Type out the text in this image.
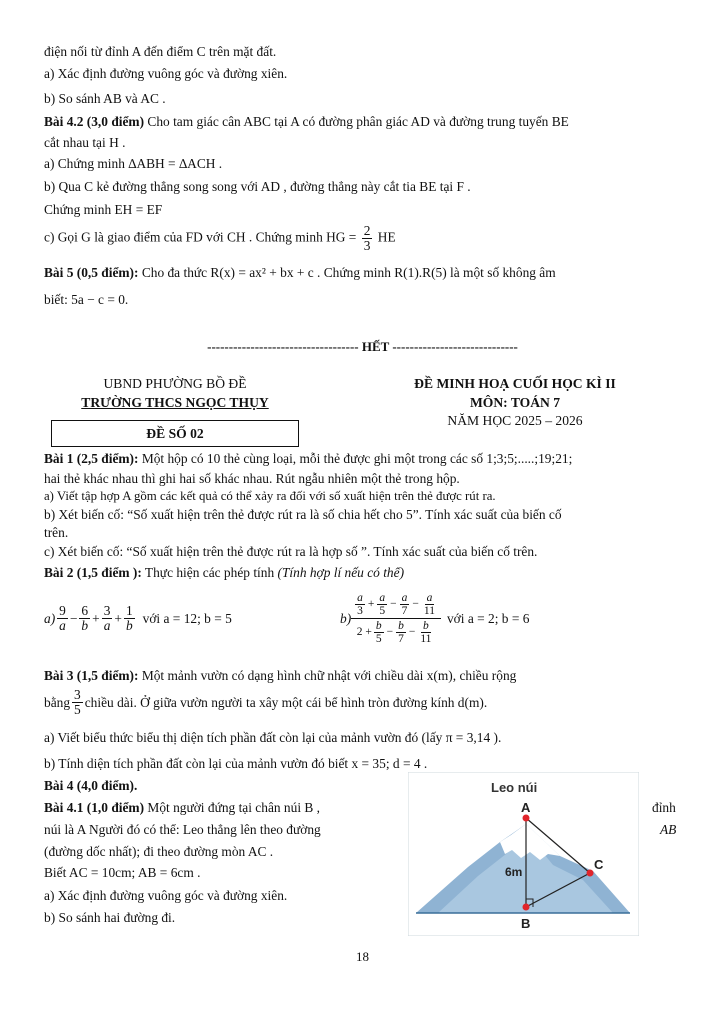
điện nối từ đỉnh A đến điểm C trên mặt đất.
a) Xác định đường vuông góc và đường xiên.
b) So sánh AB và AC .
Bài 4.2 (3,0 điểm) Cho tam giác cân ABC tại A có đường phân giác AD và đường trung tuyến BE
cắt nhau tại H .
a) Chứng minh ∆ABH = ∆ACH .
b) Qua C kẻ đường thẳng song song với AD , đường thẳng này cắt tia BE tại F .
Chứng minh EH = EF
c) Gọi G là giao điểm của FD với CH . Chứng minh HG = $\frac{2}{3}$ HE
Bài 5 (0,5 điểm): Cho đa thức R(x) = ax² + bx + c . Chứng minh R(1).R(5) là một số không âm
biết: 5a − c = 0.
----------------------------------- HẾT -----------------------------
UBND PHƯỜNG BỒ ĐỀ
TRƯỜNG THCS NGỌC THỤY
ĐỀ MINH HOẠ CUỐI HỌC KÌ II
MÔN: TOÁN 7
NĂM HỌC 2025 – 2026
ĐỀ SỐ 02
Bài 1 (2,5 điểm): Một hộp có 10 thẻ cùng loại, mỗi thẻ được ghi một trong các số 1;3;5;.....;19;21;
hai thẻ khác nhau thì ghi hai số khác nhau. Rút ngẫu nhiên một thẻ trong hộp.
a) Viết tập hợp A gồm các kết quả có thể xảy ra đối với số xuất hiện trên thẻ được rút ra.
b) Xét biến cố: “Số xuất hiện trên thẻ được rút ra là số chia hết cho 5”. Tính xác suất của biến cố
trên.
c) Xét biến cố: “Số xuất hiện trên thẻ được rút ra là hợp số ”. Tính xác suất của biến cố trên.
Bài 2 (1,5 điểm ): Thực hiện các phép tính (Tính hợp lí nếu có thể)
$a) \frac{9}{a} - \frac{6}{b} + \frac{3}{a} + \frac{1}{b}$ với a = 12; b = 5	$b) \frac{\frac{a}{3} + \frac{a}{5} - \frac{a}{7} - \frac{a}{11}}{2 + \frac{b}{5} - \frac{b}{7} - \frac{b}{11}}$ với a = 2; b = 6
Bài 3 (1,5 điểm): Một mảnh vườn có dạng hình chữ nhật với chiều dài x(m), chiều rộng
bằng $\frac{3}{5}$ chiều dài. Ở giữa vườn người ta xây một cái bể hình tròn đường kính d(m).
a) Viết biểu thức biểu thị diện tích phần đất còn lại của mảnh vườn đó (lấy π = 3,14 ).
b) Tính diện tích phần đất còn lại của mảnh vườn đó biết x = 35; d = 4 .
Bài 4 (4,0 điểm).
Bài 4.1 (1,0 điểm) Một người đứng tại chân núi B ,	đỉnh
núi là A Người đó có thể: Leo thẳng lên theo đường	AB
(đường dốc nhất); đi theo đường mòn AC .
Biết AC = 10cm; AB = 6cm .
a) Xác định đường vuông góc và đường xiên.
b) So sánh hai đường đi.
Leo núi
A
C
B
6m
18
